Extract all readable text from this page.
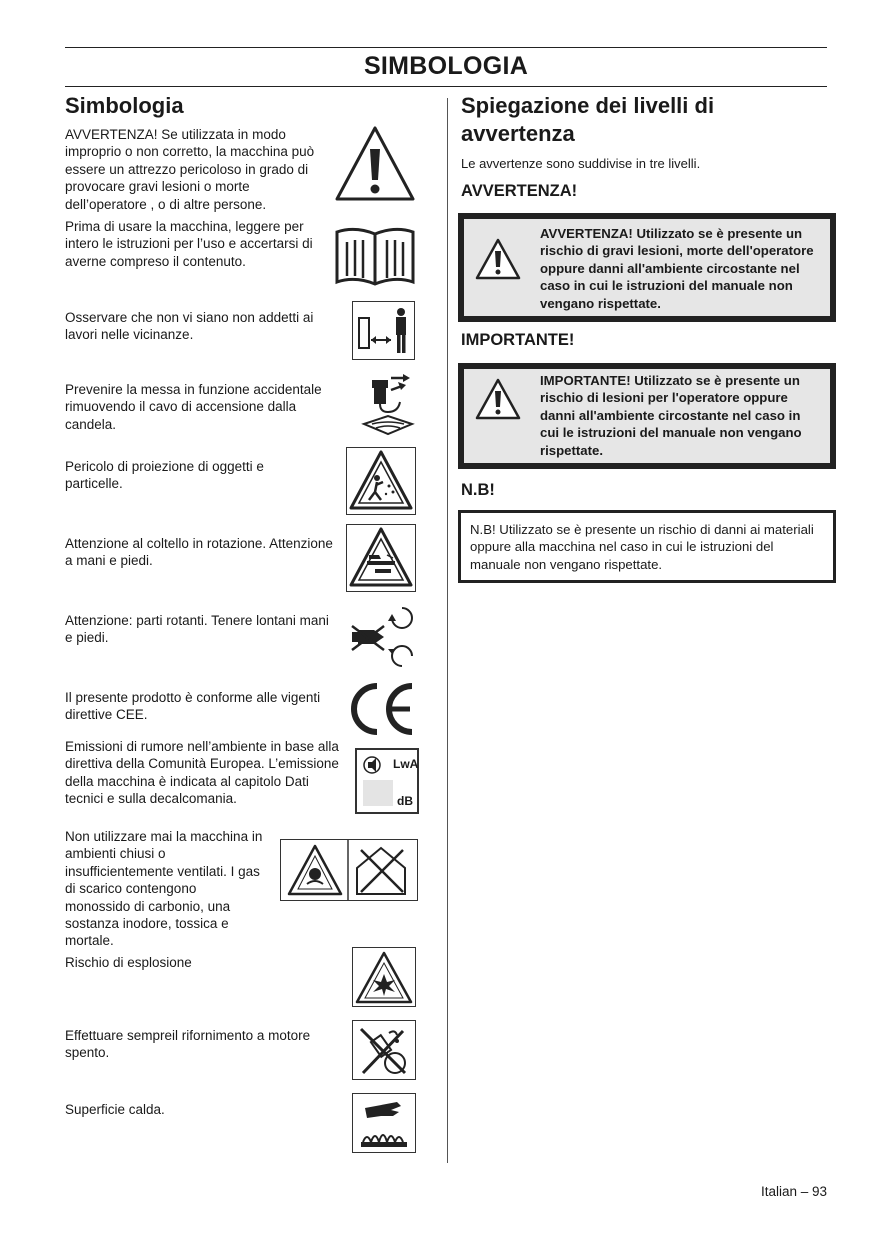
SIMBOLOGIA
Simbologia
AVVERTENZA! Se utilizzata in modo improprio o non corretto, la macchina può essere un attrezzo pericoloso in grado di provocare gravi lesioni o morte dell’operatore , o di altre persone.
Prima di usare la macchina, leggere per intero le istruzioni per l’uso e accertarsi di averne compreso il contenuto.
Osservare che non vi siano non addetti ai lavori nelle vicinanze.
Prevenire la messa in funzione accidentale rimuovendo il cavo di accensione dalla candela.
Pericolo di proiezione di oggetti e particelle.
Attenzione al coltello in rotazione. Attenzione a mani e piedi.
Attenzione: parti rotanti. Tenere lontani mani e piedi.
Il presente prodotto è conforme alle vigenti direttive CEE.
Emissioni di rumore nell’ambiente in base alla direttiva della Comunità Europea. L’emissione della macchina è indicata al capitolo Dati tecnici e sulla decalcomania.
LwA
dB
Non utilizzare mai la macchina in ambienti chiusi o insufficientemente ventilati. I gas di scarico contengono monossido di carbonio, una sostanza inodore, tossica e mortale.
Rischio di esplosione
Effettuare sempreil rifornimento a motore spento.
Superficie calda.
Spiegazione dei livelli di avvertenza
Le avvertenze sono suddivise in tre livelli.
AVVERTENZA!
AVVERTENZA! Utilizzato se è presente un rischio di gravi lesioni, morte dell'operatore oppure danni all'ambiente circostante nel caso in cui le istruzioni del manuale non vengano rispettate.
IMPORTANTE!
IMPORTANTE! Utilizzato se è presente un rischio di lesioni per l'operatore oppure danni all'ambiente circostante nel caso in cui le istruzioni del manuale non vengano rispettate.
N.B!
N.B! Utilizzato se è presente un rischio di danni ai materiali oppure alla macchina nel caso in cui le istruzioni del manuale non vengano rispettate.
Italian – 93
